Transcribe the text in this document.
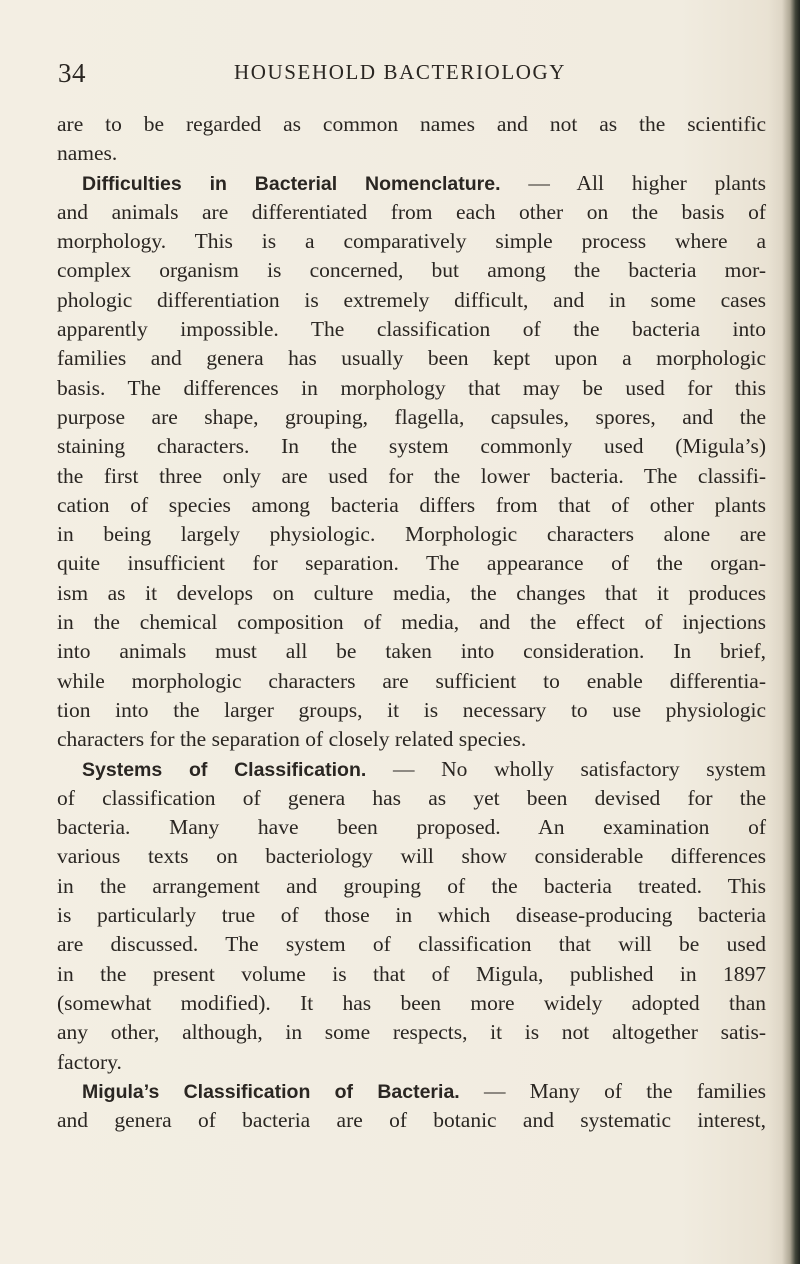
34	HOUSEHOLD BACTERIOLOGY
are to be regarded as common names and not as the scientific
names.
Difficulties in Bacterial Nomenclature. — All higher plants
and animals are differentiated from each other on the basis of
morphology. This is a comparatively simple process where a
complex organism is concerned, but among the bacteria mor-
phologic differentiation is extremely difficult, and in some cases
apparently impossible. The classification of the bacteria into
families and genera has usually been kept upon a morphologic
basis. The differences in morphology that may be used for this
purpose are shape, grouping, flagella, capsules, spores, and the
staining characters. In the system commonly used (Migula’s)
the first three only are used for the lower bacteria. The classifi-
cation of species among bacteria differs from that of other plants
in being largely physiologic. Morphologic characters alone are
quite insufficient for separation. The appearance of the organ-
ism as it develops on culture media, the changes that it produces
in the chemical composition of media, and the effect of injections
into animals must all be taken into consideration. In brief,
while morphologic characters are sufficient to enable differentia-
tion into the larger groups, it is necessary to use physiologic
characters for the separation of closely related species.
Systems of Classification. — No wholly satisfactory system
of classification of genera has as yet been devised for the
bacteria. Many have been proposed. An examination of
various texts on bacteriology will show considerable differences
in the arrangement and grouping of the bacteria treated. This
is particularly true of those in which disease-producing bacteria
are discussed. The system of classification that will be used
in the present volume is that of Migula, published in 1897
(somewhat modified). It has been more widely adopted than
any other, although, in some respects, it is not altogether satis-
factory.
Migula’s Classification of Bacteria. — Many of the families
and genera of bacteria are of botanic and systematic interest,
